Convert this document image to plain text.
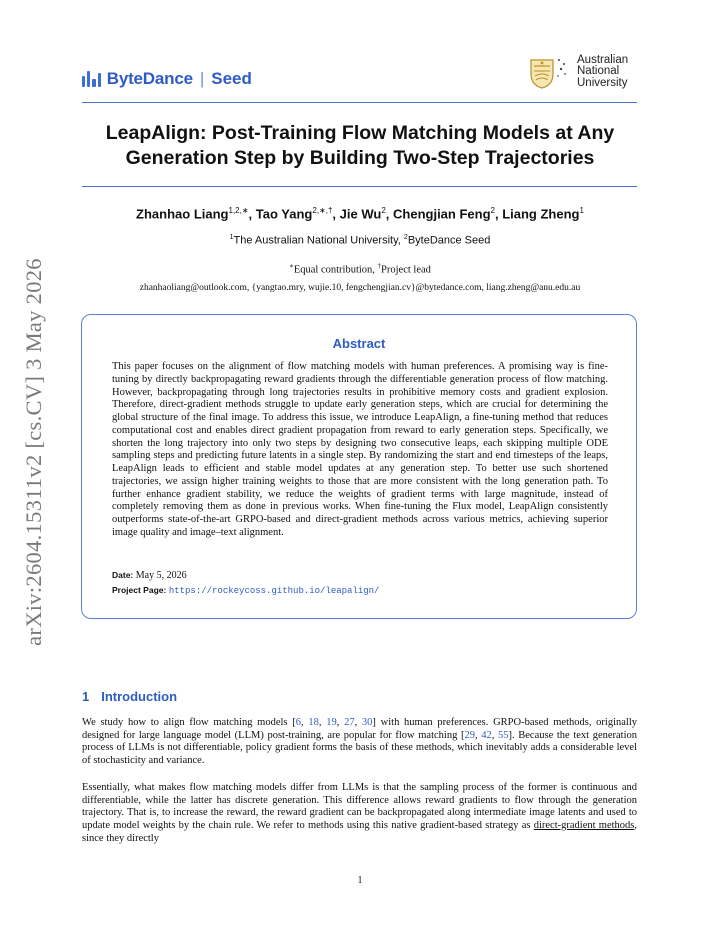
arXiv:2604.15311v2 [cs.CV] 3 May 2026
ByteDance | Seed
Australian
National
University
LeapAlign: Post-Training Flow Matching Models at Any
Generation Step by Building Two-Step Trajectories
Zhanhao Liang$^{1,2,∗}$, Tao Yang$^{2,∗,\dagger}$, Jie Wu$^2$, Chengjian Feng$^2$, Liang Zheng$^1$
$^1$The Australian National University, $^2$ByteDance Seed
∗Equal contribution, †Project lead
zhanhaoliang@outlook.com, {yangtao.mry, wujie.10, fengchengjian.cv}@bytedance.com, liang.zheng@anu.edu.au
Abstract

This paper focuses on the alignment of flow matching models with human preferences. A promising way is fine-tuning by directly backpropagating reward gradients through the differentiable generation process of flow matching. However, backpropagating through long trajectories results in prohibitive memory costs and gradient explosion. Therefore, direct-gradient methods struggle to update early generation steps, which are crucial for determining the global structure of the final image. To address this issue, we introduce LeapAlign, a fine-tuning method that reduces computational cost and enables direct gradient propagation from reward to early generation steps. Specifically, we shorten the long trajectory into only two steps by designing two consecutive leaps, each skipping multiple ODE sampling steps and predicting future latents in a single step. By randomizing the start and end timesteps of the leaps, LeapAlign leads to efficient and stable model updates at any generation step. To better use such shortened trajectories, we assign higher training weights to those that are more consistent with the long generation path. To further enhance gradient stability, we reduce the weights of gradient terms with large magnitude, instead of completely removing them as done in previous works. When fine-tuning the Flux model, LeapAlign consistently outperforms state-of-the-art GRPO-based and direct-gradient methods across various metrics, achieving superior image quality and image–text alignment.

Date: May 5, 2026
Project Page: https://rockeycoss.github.io/leapalign/
1 Introduction

We study how to align flow matching models [6, 18, 19, 27, 30] with human preferences. GRPO-based methods, originally designed for large language model (LLM) post-training, are popular for flow matching [29, 42, 55]. Because the text generation process of LLMs is not differentiable, policy gradient forms the basis of these methods, which inevitably adds a considerable level of stochasticity and variance.

Essentially, what makes flow matching models differ from LLMs is that the sampling process of the former is continuous and differentiable, while the latter has discrete generation. This difference allows reward gradients to flow through the generation trajectory. That is, to increase the reward, the reward gradient can be backpropagated along intermediate image latents and used to update model weights by the chain rule. We refer to methods using this native gradient-based strategy as direct-gradient methods, since they directly

1
